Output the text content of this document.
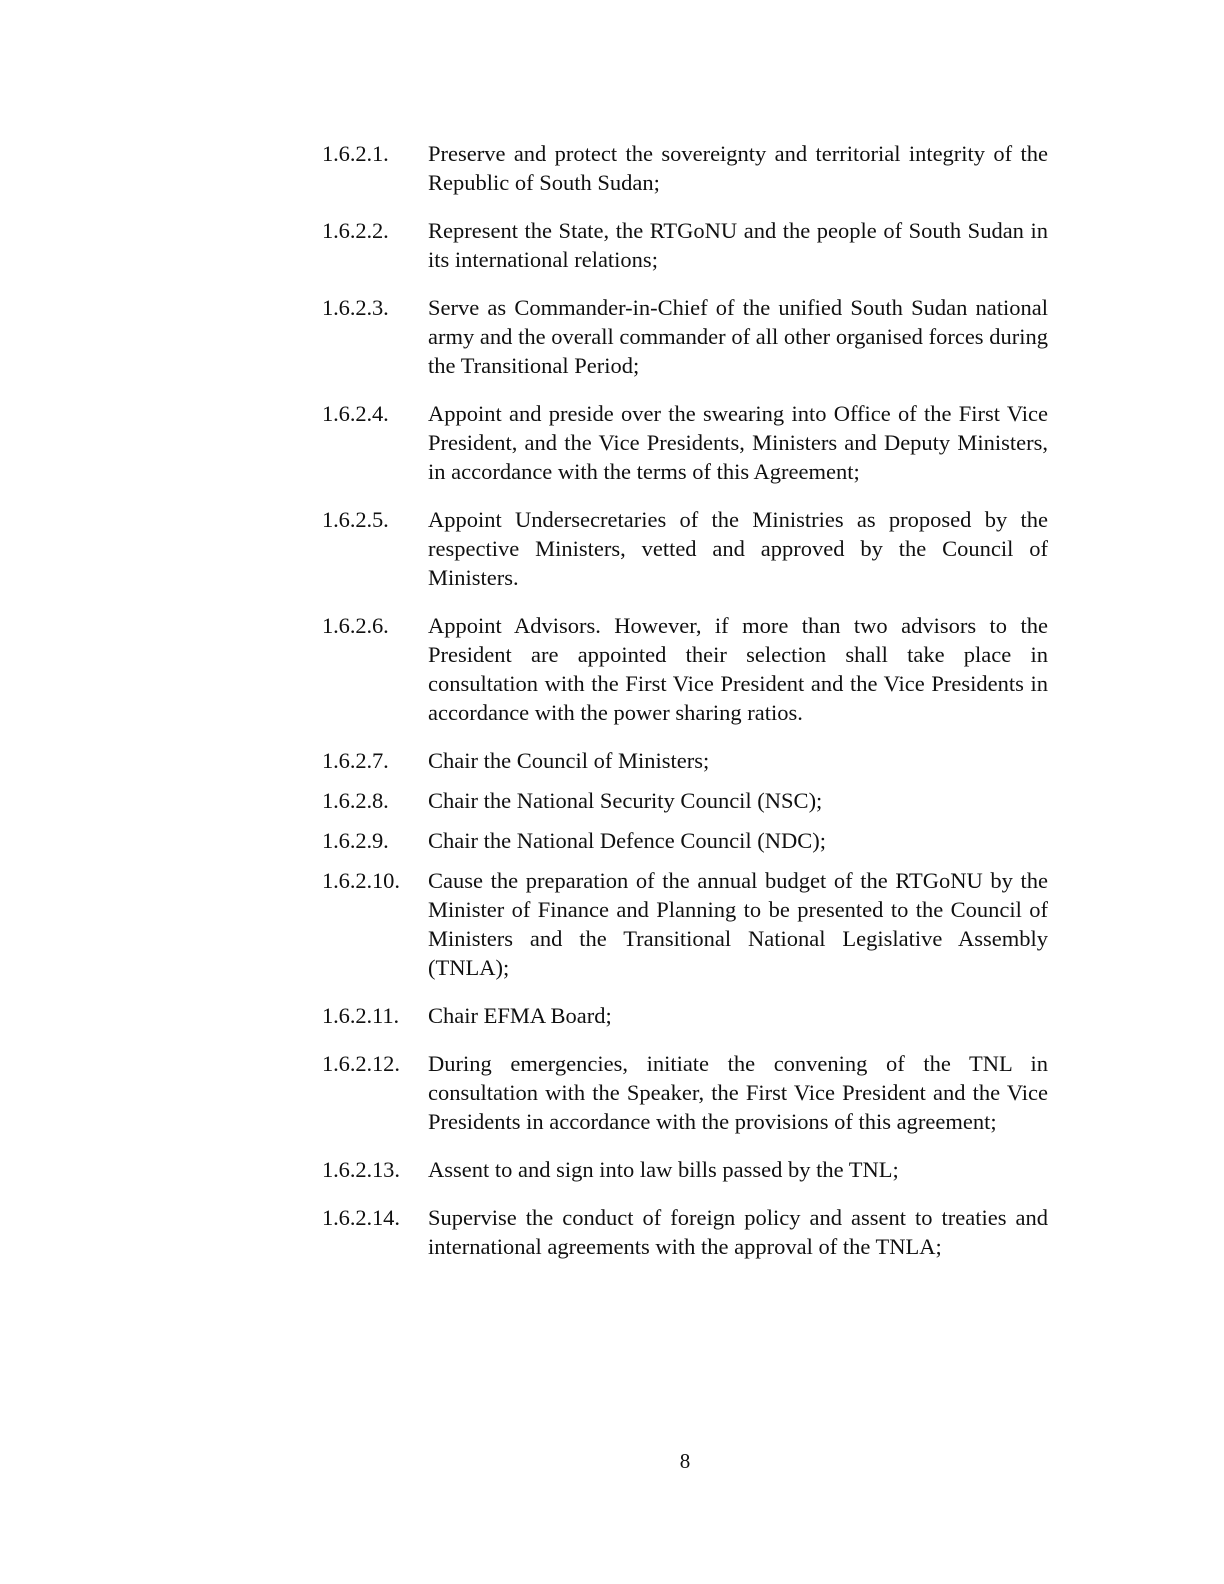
1.6.2.1.	Preserve and protect the sovereignty and territorial integrity of the Republic of South Sudan;
1.6.2.2.	Represent the State, the RTGoNU and the people of South Sudan in its international relations;
1.6.2.3.	Serve as Commander-in-Chief of the unified South Sudan national army and the overall commander of all other organised forces during the Transitional Period;
1.6.2.4.	Appoint and preside over the swearing into Office of the First Vice President, and the Vice Presidents, Ministers and Deputy Ministers, in accordance with the terms of this Agreement;
1.6.2.5.	Appoint Undersecretaries of the Ministries as proposed by the respective Ministers, vetted and approved by the Council of Ministers.
1.6.2.6.	Appoint Advisors. However, if more than two advisors to the President are appointed their selection shall take place in consultation with the First Vice President and the Vice Presidents in accordance with the power sharing ratios.
1.6.2.7.	Chair the Council of Ministers;
1.6.2.8.	Chair the National Security Council (NSC);
1.6.2.9.	Chair the National Defence Council (NDC);
1.6.2.10.	Cause the preparation of the annual budget of the RTGoNU by the Minister of Finance and Planning to be presented to the Council of Ministers and the Transitional National Legislative Assembly (TNLA);
1.6.2.11.	Chair EFMA Board;
1.6.2.12.	During emergencies, initiate the convening of the TNL in consultation with the Speaker, the First Vice President and the Vice Presidents in accordance with the provisions of this agreement;
1.6.2.13.	Assent to and sign into law bills passed by the TNL;
1.6.2.14.	Supervise the conduct of foreign policy and assent to treaties and international agreements with the approval of the TNLA;
8
